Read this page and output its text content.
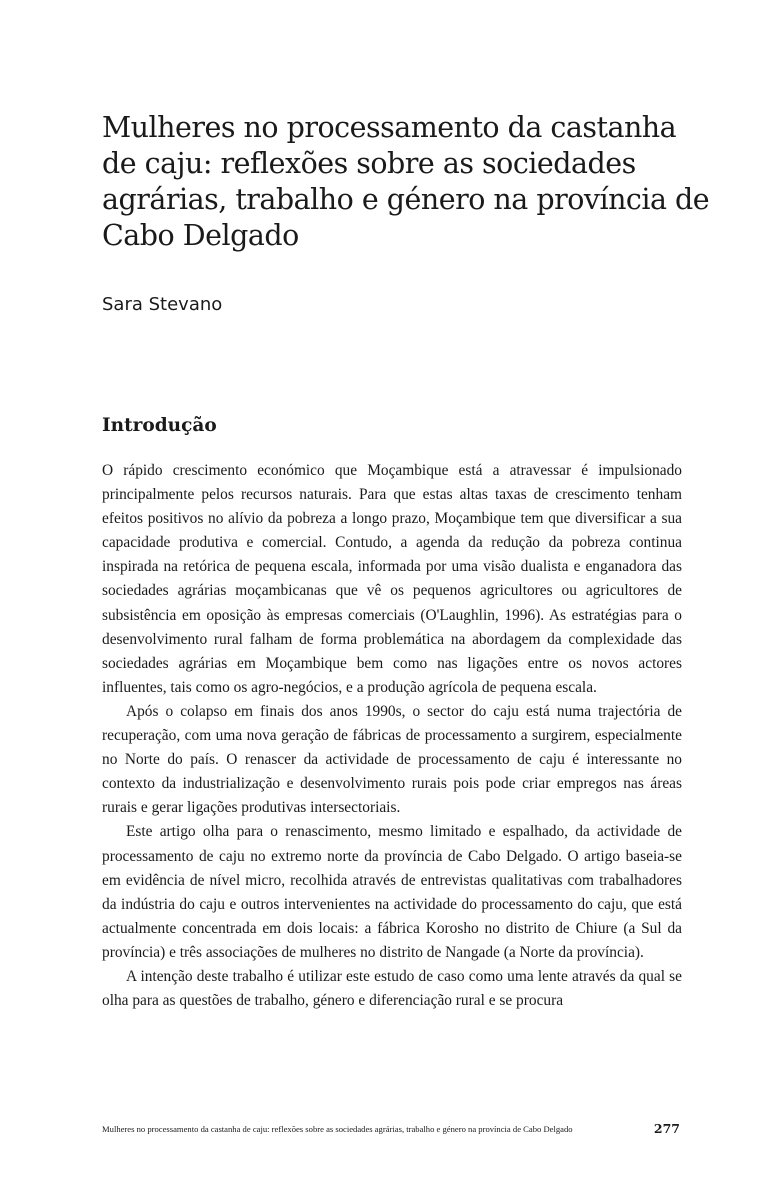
Mulheres no processamento da castanha
de caju: reflexões sobre as sociedades
agrárias, trabalho e género na província de
Cabo Delgado

Sara Stevano

Introdução

O rápido crescimento económico que Moçambique está a atravessar é impulsionado principalmente pelos recursos naturais. Para que estas altas taxas de crescimento tenham efeitos positivos no alívio da pobreza a longo prazo, Moçambique tem que diversificar a sua capacidade produtiva e comercial. Contudo, a agenda da redução da pobreza continua inspirada na retórica de pequena escala, informada por uma visão dualista e enganadora das sociedades agrárias moçambicanas que vê os pequenos agricultores ou agricultores de subsistência em oposição às empresas comerciais (O'Laughlin, 1996). As estratégias para o desenvolvimento rural falham de forma problemática na abordagem da complexidade das sociedades agrárias em Moçambique bem como nas ligações entre os novos actores influentes, tais como os agro-negócios, e a produção agrícola de pequena escala.

Após o colapso em finais dos anos 1990s, o sector do caju está numa trajectória de recuperação, com uma nova geração de fábricas de processamento a surgirem, especialmente no Norte do país. O renascer da actividade de processamento de caju é interessante no contexto da industrialização e desenvolvimento rurais pois pode criar empregos nas áreas rurais e gerar ligações produtivas intersectoriais.

Este artigo olha para o renascimento, mesmo limitado e espalhado, da actividade de processamento de caju no extremo norte da província de Cabo Delgado. O artigo baseia-se em evidência de nível micro, recolhida através de entrevistas qualitativas com trabalhadores da indústria do caju e outros intervenientes na actividade do processamento do caju, que está actualmente concentrada em dois locais: a fábrica Korosho no distrito de Chiure (a Sul da província) e três associações de mulheres no distrito de Nangade (a Norte da província).

A intenção deste trabalho é utilizar este estudo de caso como uma lente através da qual se olha para as questões de trabalho, género e diferenciação rural e se procura

Mulheres no processamento da castanha de caju: reflexões sobre as sociedades agrárias, trabalho e género na província de Cabo Delgado	277
